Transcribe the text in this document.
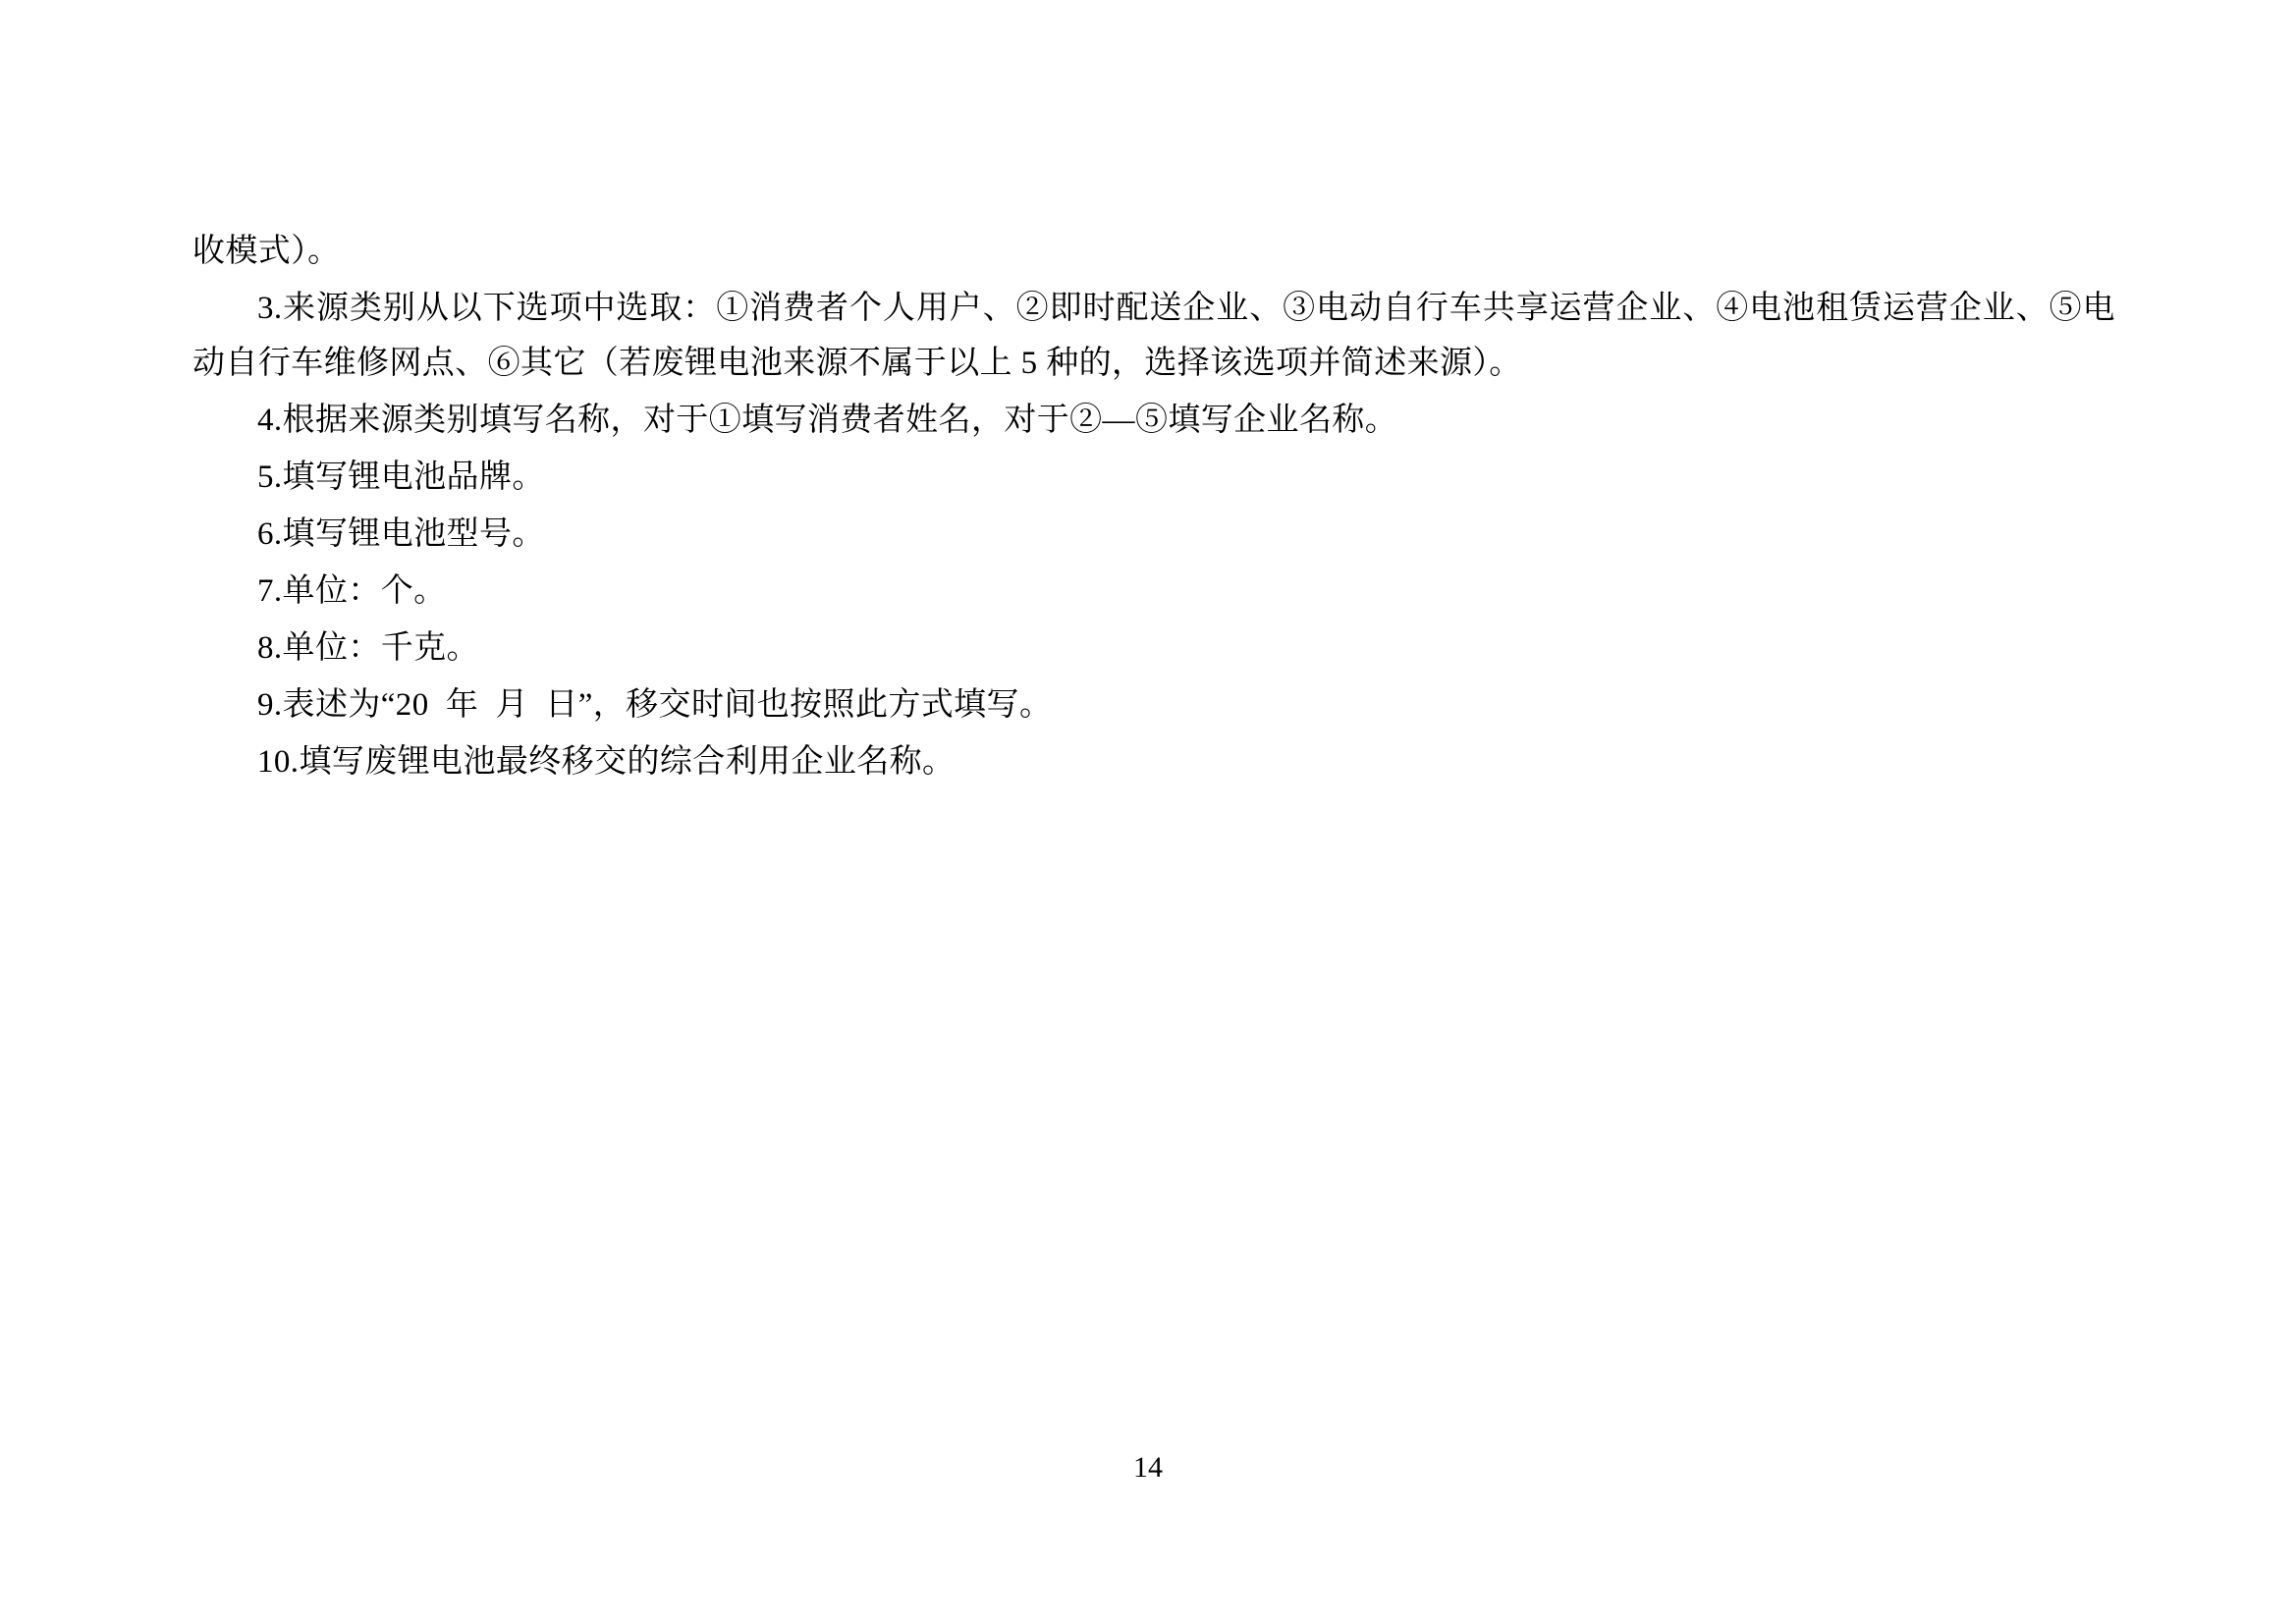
收模式）。

3.来源类别从以下选项中选取：①消费者个人用户、②即时配送企业、③电动自行车共享运营企业、④电池租赁运营企业、⑤电动自行车维修网点、⑥其它（若废锂电池来源不属于以上 5 种的，选择该选项并简述来源）。

4.根据来源类别填写名称，对于①填写消费者姓名，对于②—⑤填写企业名称。

5.填写锂电池品牌。

6.填写锂电池型号。

7.单位：个。

8.单位：千克。

9.表述为“20  年  月  日”，移交时间也按照此方式填写。

10.填写废锂电池最终移交的综合利用企业名称。

14
